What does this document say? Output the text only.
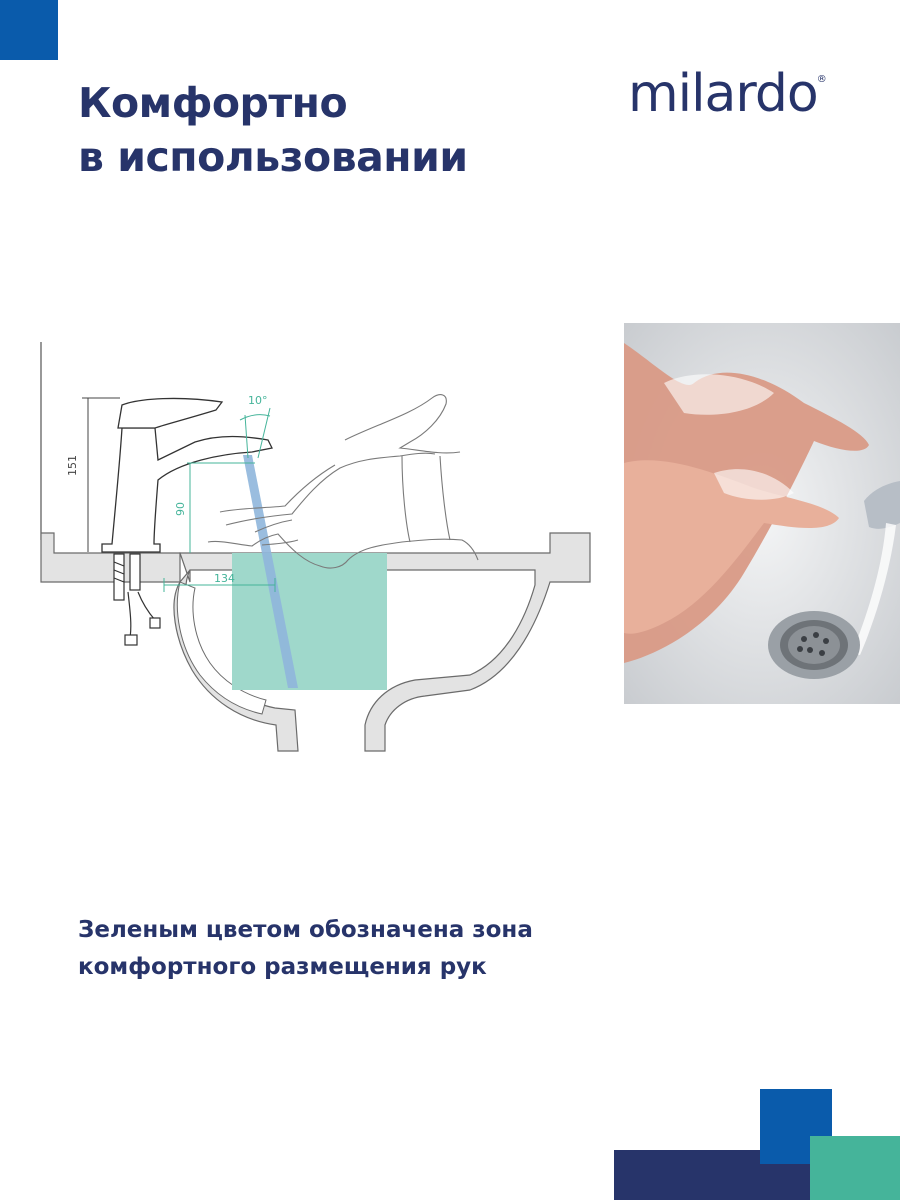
Комфортно
в использовании
milardo ®
151
90
134
10°

Зеленым цветом обозначена зона
комфортного размещения рук
